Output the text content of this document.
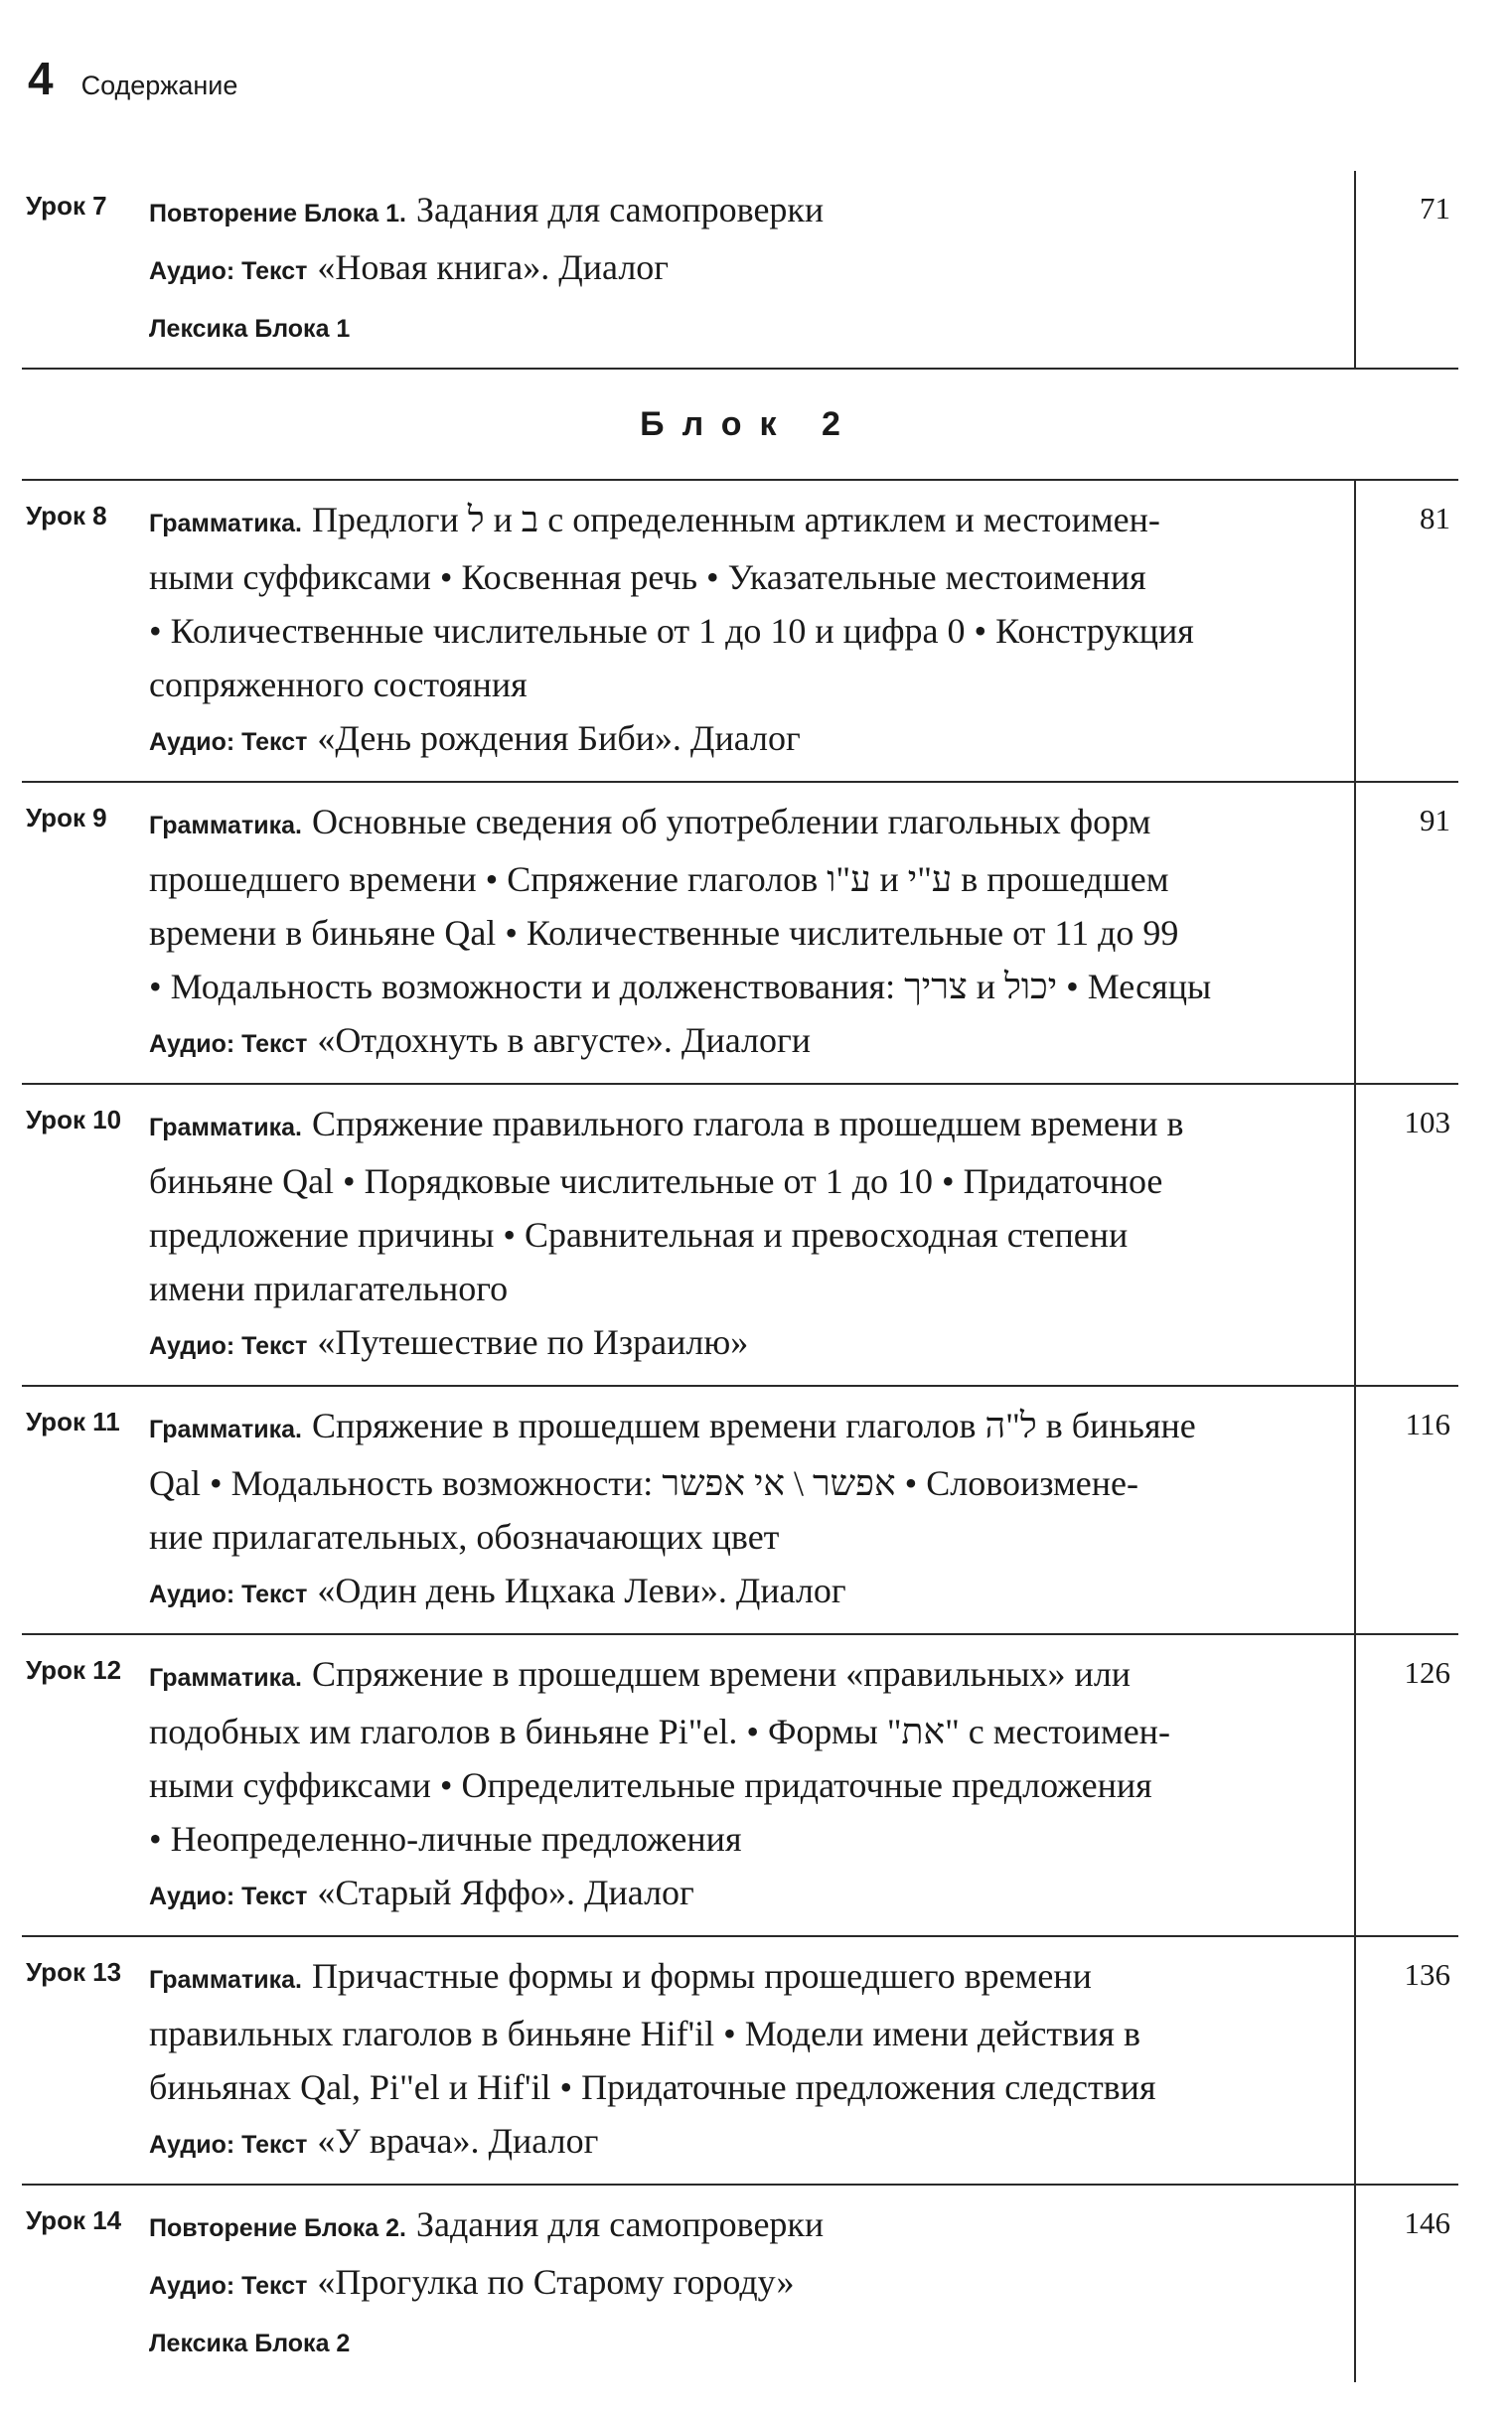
4 Содержание
Урок 7	Повторение Блока 1. Задания для самопроверки
Аудио: Текст «Новая книга». Диалог
Лексика Блока 1
71
Блок 2
Урок 8	Грамматика. Предлоги ל и ב с определенным артиклем и местоимен-
ными суффиксами • Косвенная речь • Указательные местоимения
• Количественные числительные от 1 до 10 и цифра 0 • Конструкция
сопряженного состояния
Аудио: Текст «День рождения Биби». Диалог
81
Урок 9	Грамматика. Основные сведения об употреблении глагольных форм
прошедшего времени • Спряжение глаголов ע"ו и ע"י в прошедшем
времени в биньяне Qal • Количественные числительные от 11 до 99
• Модальность возможности и долженствования: צריך и יכול • Месяцы
Аудио: Текст «Отдохнуть в августе». Диалоги
91
Урок 10	Грамматика. Спряжение правильного глагола в прошедшем времени в
биньяне Qal • Порядковые числительные от 1 до 10 • Придаточное
предложение причины • Сравнительная и превосходная степени
имени прилагательного
Аудио: Текст «Путешествие по Израилю»
103
Урок 11	Грамматика. Спряжение в прошедшем времени глаголов ל"ה в биньяне
Qal • Модальность возможности: אפשר \ אי אפשר • Словоизмене-
ние прилагательных, обозначающих цвет
Аудио: Текст «Один день Ицхака Леви». Диалог
116
Урок 12	Грамматика. Спряжение в прошедшем времени «правильных» или
подобных им глаголов в биньяне Pi"el. • Формы "את" с местоимен-
ными суффиксами • Определительные придаточные предложения
• Неопределенно-личные предложения
Аудио: Текст «Старый Яффо». Диалог
126
Урок 13	Грамматика. Причастные формы и формы прошедшего времени
правильных глаголов в биньяне Hif'il • Модели имени действия в
биньянах Qal, Pi"el и Hif'il • Придаточные предложения следствия
Аудио: Текст «У врача». Диалог
136
Урок 14	Повторение Блока 2. Задания для самопроверки
Аудио: Текст «Прогулка по Старому городу»
Лексика Блока 2
146
